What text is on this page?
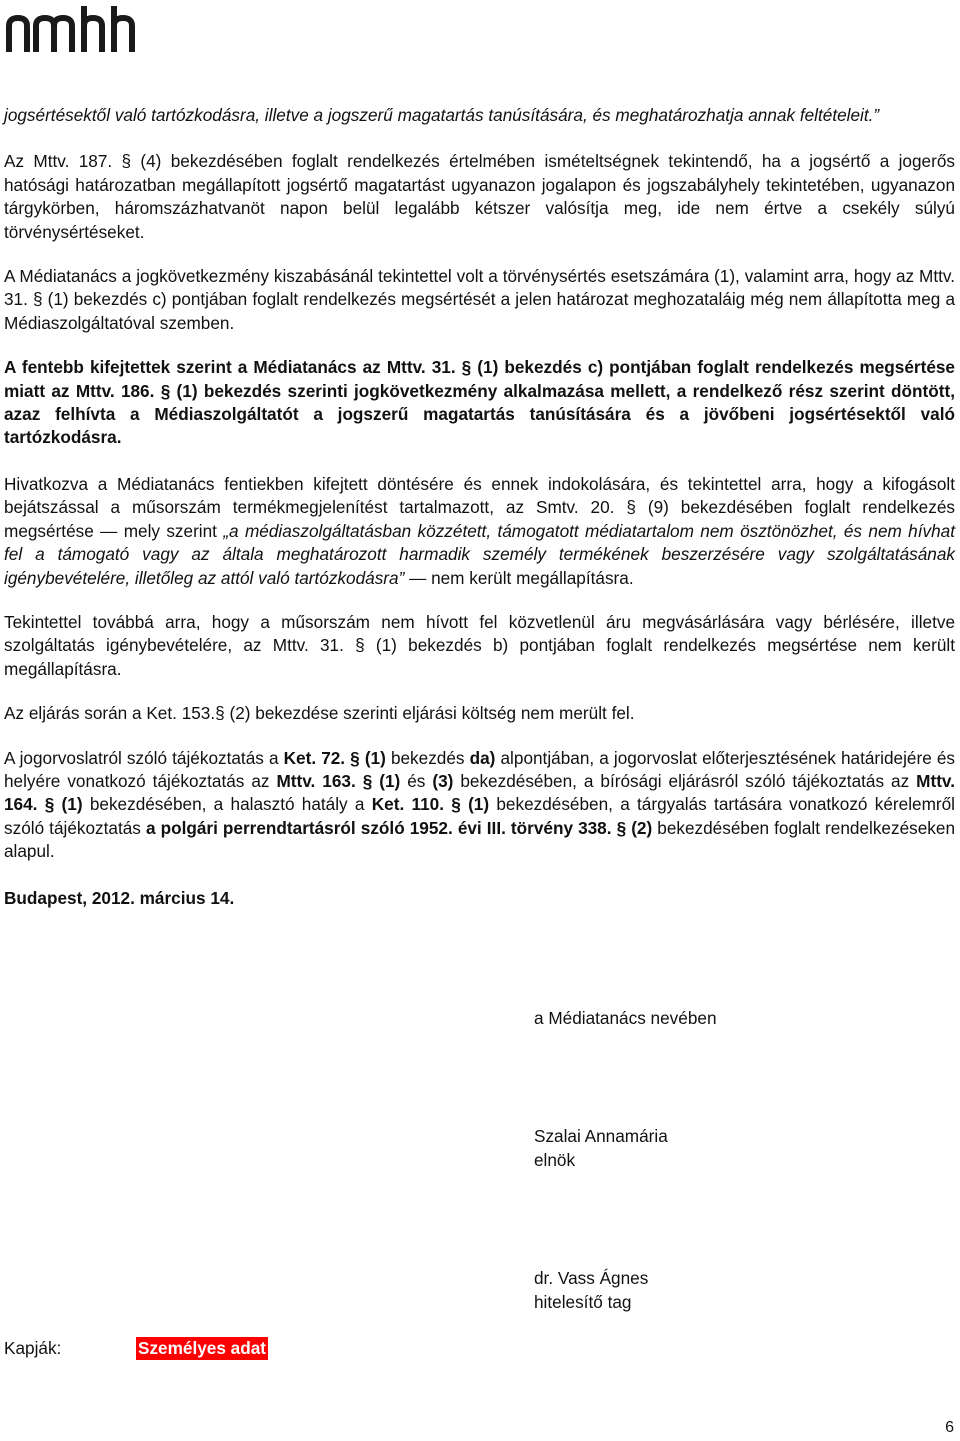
jogsértésektől való tartózkodásra, illetve a jogszerű magatartás tanúsítására, és meghatározhatja annak feltételeit.”

Az Mttv. 187. § (4) bekezdésében foglalt rendelkezés értelmében ismételtségnek tekintendő, ha a jogsértő a jogerős hatósági határozatban megállapított jogsértő magatartást ugyanazon jogalapon és jogszabályhely tekintetében, ugyanazon tárgykörben, háromszázhatvanöt napon belül legalább kétszer valósítja meg, ide nem értve a csekély súlyú törvénysértéseket.

A Médiatanács a jogkövetkezmény kiszabásánál tekintettel volt a törvénysértés esetszámára (1), valamint arra, hogy az Mttv. 31. § (1) bekezdés c) pontjában foglalt rendelkezés megsértését a jelen határozat meghozataláig még nem állapította meg a Médiaszolgáltatóval szemben.

A fentebb kifejtettek szerint a Médiatanács az Mttv. 31. § (1) bekezdés c) pontjában foglalt rendelkezés megsértése miatt az Mttv. 186. § (1) bekezdés szerinti jogkövetkezmény alkalmazása mellett, a rendelkező rész szerint döntött, azaz felhívta a Médiaszolgáltatót a jogszerű magatartás tanúsítására és a jövőbeni jogsértésektől való tartózkodásra.

Hivatkozva a Médiatanács fentiekben kifejtett döntésére és ennek indokolására, és tekintettel arra, hogy a kifogásolt bejátszással a műsorszám termékmegjelenítést tartalmazott, az Smtv. 20. § (9) bekezdésében foglalt rendelkezés megsértése — mely szerint „a médiaszolgáltatásban közzétett, támogatott médiatartalom nem ösztönözhet, és nem hívhat fel a támogató vagy az általa meghatározott harmadik személy termékének beszerzésére vagy szolgáltatásának igénybevételére, illetőleg az attól való tartózkodásra” — nem került megállapításra.

Tekintettel továbbá arra, hogy a műsorszám nem hívott fel közvetlenül áru megvásárlására vagy bérlésére, illetve szolgáltatás igénybevételére, az Mttv. 31. § (1) bekezdés b) pontjában foglalt rendelkezés megsértése nem került megállapításra.

Az eljárás során a Ket. 153.§ (2) bekezdése szerinti eljárási költség nem merült fel.

A jogorvoslatról szóló tájékoztatás a Ket. 72. § (1) bekezdés da) alpontjában, a jogorvoslat előterjesztésének határidejére és helyére vonatkozó tájékoztatás az Mttv. 163. § (1) és (3) bekezdésében, a bírósági eljárásról szóló tájékoztatás az Mttv. 164. § (1) bekezdésében, a halasztó hatály a Ket. 110. § (1) bekezdésében, a tárgyalás tartására vonatkozó kérelemről szóló tájékoztatás a polgári perrendtartásról szóló 1952. évi III. törvény 338. § (2) bekezdésében foglalt rendelkezéseken alapul.

Budapest, 2012. március 14.

a Médiatanács nevében
Szalai Annamária
elnök
dr. Vass Ágnes
hitelesítő tag
Kapják:	Személyes adat
6
